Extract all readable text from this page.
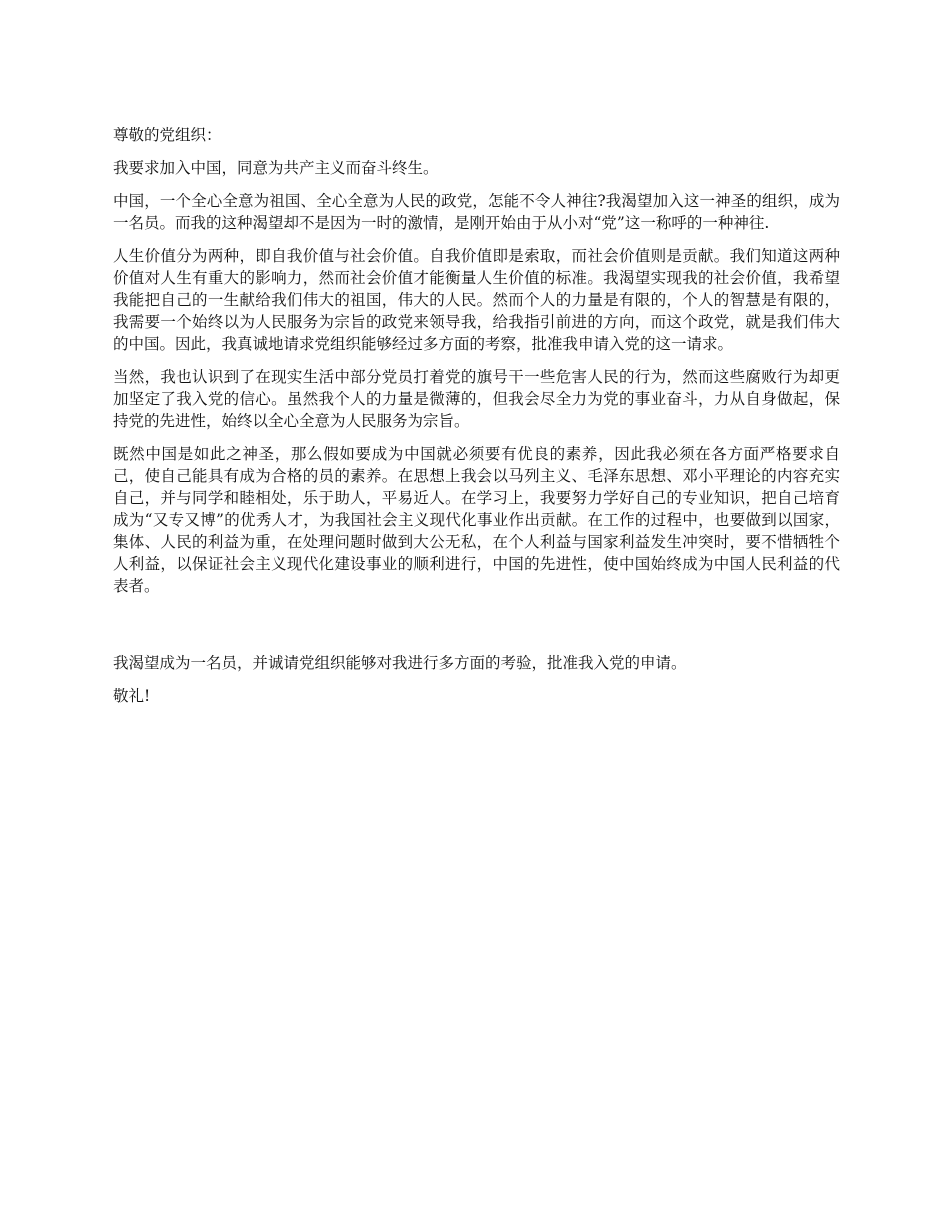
尊敬的党组织：

我要求加入中国，同意为共产主义而奋斗终生。

中国，一个全心全意为祖国、全心全意为人民的政党，怎能不令人神往?我渴望加入这一神圣的组织，成为一名员。而我的这种渴望却不是因为一时的激情，是刚开始由于从小对“党”这一称呼的一种神往.

人生价值分为两种，即自我价值与社会价值。自我价值即是索取，而社会价值则是贡献。我们知道这两种价值对人生有重大的影响力，然而社会价值才能衡量人生价值的标准。我渴望实现我的社会价值，我希望我能把自己的一生献给我们伟大的祖国，伟大的人民。然而个人的力量是有限的，个人的智慧是有限的，我需要一个始终以为人民服务为宗旨的政党来领导我，给我指引前进的方向，而这个政党，就是我们伟大的中国。因此，我真诚地请求党组织能够经过多方面的考察，批准我申请入党的这一请求。

当然，我也认识到了在现实生活中部分党员打着党的旗号干一些危害人民的行为，然而这些腐败行为却更加坚定了我入党的信心。虽然我个人的力量是微薄的，但我会尽全力为党的事业奋斗，力从自身做起，保持党的先进性，始终以全心全意为人民服务为宗旨。

既然中国是如此之神圣，那么假如要成为中国就必须要有优良的素养，因此我必须在各方面严格要求自己，使自己能具有成为合格的员的素养。在思想上我会以马列主义、毛泽东思想、邓小平理论的内容充实自己，并与同学和睦相处，乐于助人，平易近人。在学习上，我要努力学好自己的专业知识，把自己培育成为“又专又博”的优秀人才，为我国社会主义现代化事业作出贡献。在工作的过程中，也要做到以国家，集体、人民的利益为重，在处理问题时做到大公无私，在个人利益与国家利益发生冲突时，要不惜牺牲个人利益，以保证社会主义现代化建设事业的顺利进行，中国的先进性，使中国始终成为中国人民利益的代表者。

我渴望成为一名员，并诚请党组织能够对我进行多方面的考验，批准我入党的申请。

敬礼!
